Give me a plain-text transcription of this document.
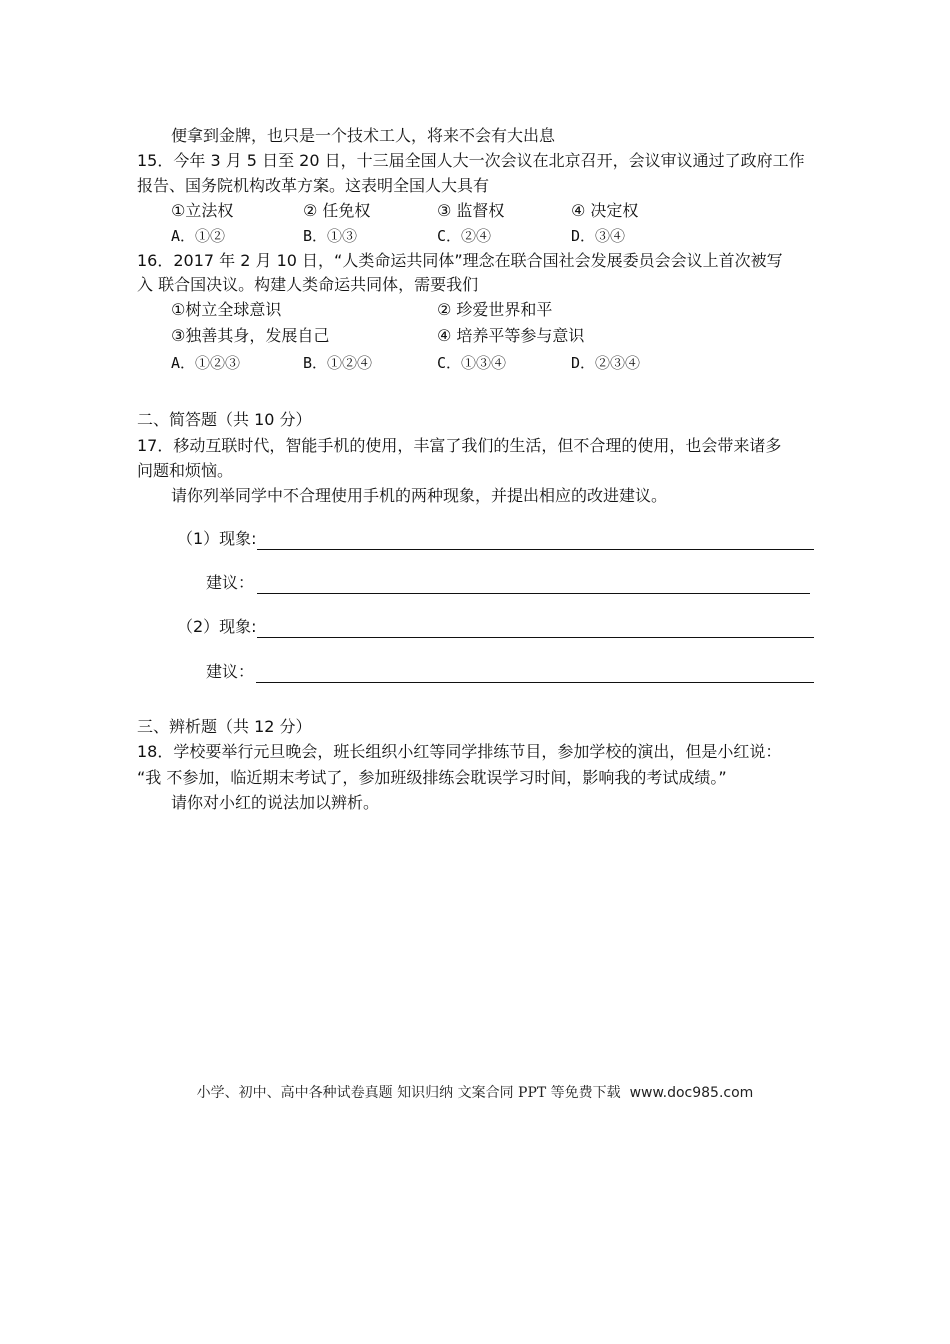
便拿到金牌，也只是一个技术工人，将来不会有大出息
15．今年 3 月 5 日至 20 日，十三届全国人大一次会议在北京召开，会议审议通过了政府工作
报告、国务院机构改革方案。这表明全国人大具有
①立法权	② 任免权	③ 监督权	④ 决定权
A．①②	B．①③	C．②④	D．③④
16．2017 年 2 月 10 日，“人类命运共同体”理念在联合国社会发展委员会会议上首次被写
入 联合国决议。构建人类命运共同体，需要我们
①树立全球意识	② 珍爱世界和平
③独善其身，发展自己	④ 培养平等参与意识
A．①②③	B．①②④	C．①③④	D．②③④
二、简答题（共 10 分）
17．移动互联时代，智能手机的使用，丰富了我们的生活，但不合理的使用，也会带来诸多
问题和烦恼。
请你列举同学中不合理使用手机的两种现象，并提出相应的改进建议。
（1）现象:
建议：
（2）现象:
建议：
三、辨析题（共 12 分）
18．学校要举行元旦晚会，班长组织小红等同学排练节目，参加学校的演出，但是小红说：
“我 不参加，临近期末考试了，参加班级排练会耽误学习时间，影响我的考试成绩。”
请你对小红的说法加以辨析。
小学、初中、高中各种试卷真题 知识归纳 文案合同 PPT 等免费下载 www.doc985.com
